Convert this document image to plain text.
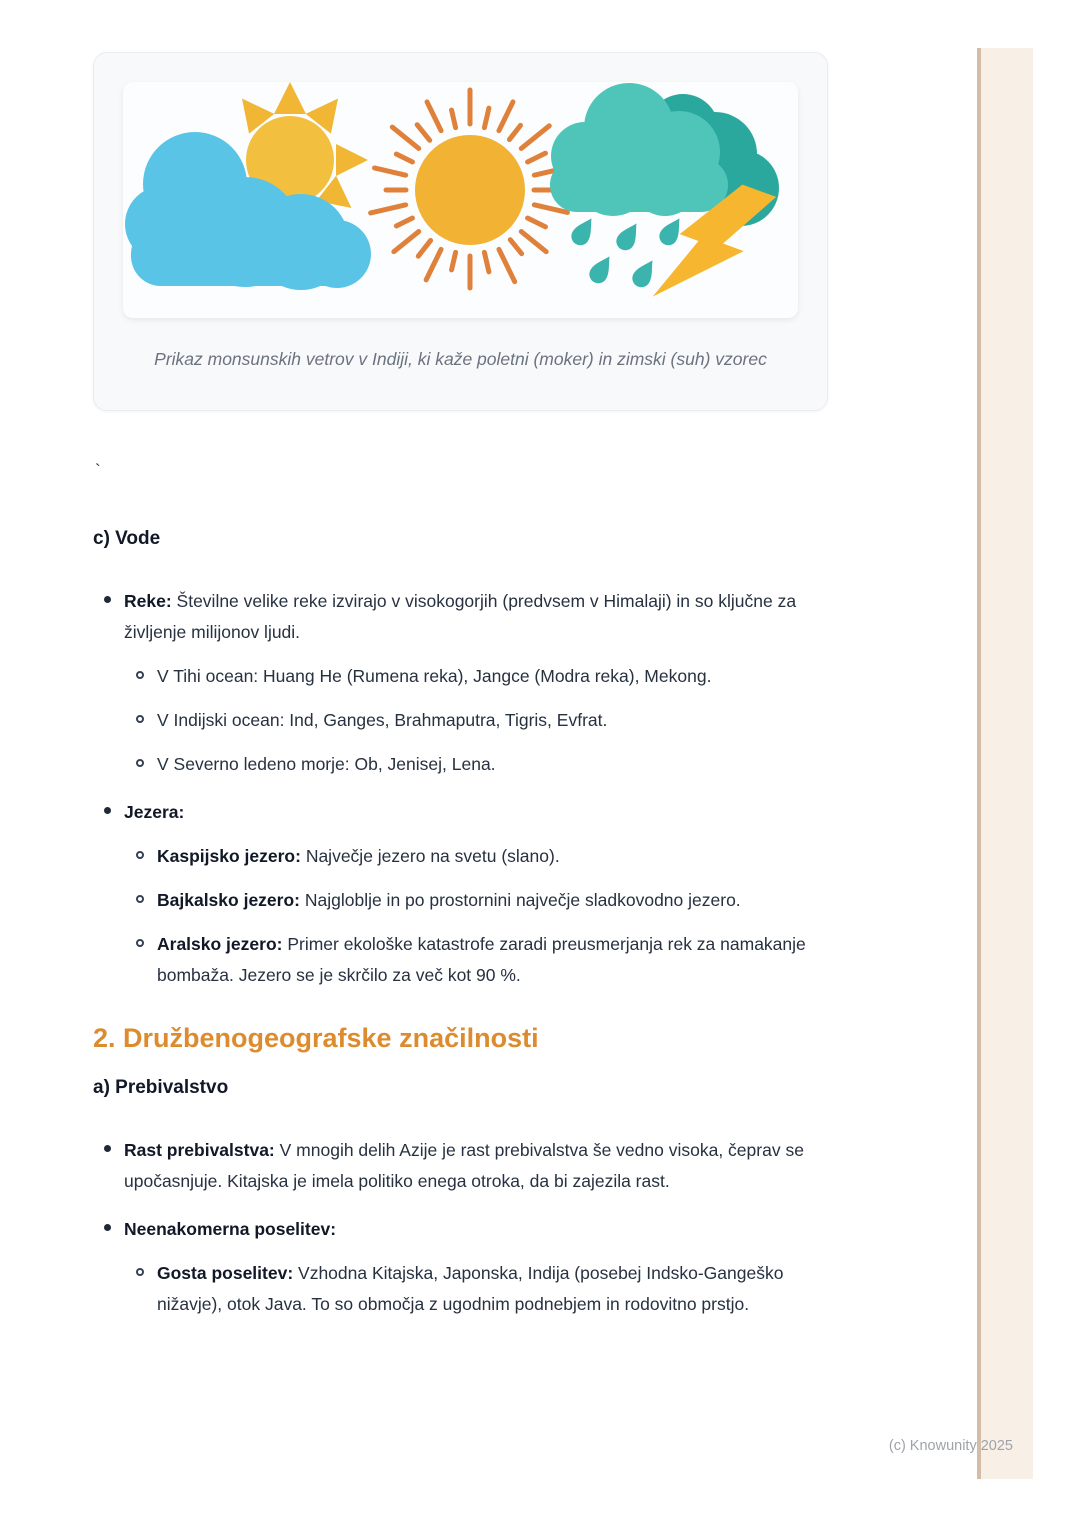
Prikaz monsunskih vetrov v Indiji, ki kaže poletni (moker) in zimski (suh) vzorec

`

c) Vode

Reke: Številne velike reke izvirajo v visokogorjih (predvsem v Himalaji) in so ključne za življenje milijonov ljudi.

V Tihi ocean: Huang He (Rumena reka), Jangce (Modra reka), Mekong.

V Indijski ocean: Ind, Ganges, Brahmaputra, Tigris, Evfrat.

V Severno ledeno morje: Ob, Jenisej, Lena.

Jezera:

Kaspijsko jezero: Največje jezero na svetu (slano).

Bajkalsko jezero: Najgloblje in po prostornini največje sladkovodno jezero.

Aralsko jezero: Primer ekološke katastrofe zaradi preusmerjanja rek za namakanje bombaža. Jezero se je skrčilo za več kot 90 %.

2. Družbenogeografske značilnosti
a) Prebivalstvo

Rast prebivalstva: V mnogih delih Azije je rast prebivalstva še vedno visoka, čeprav se upočasnjuje. Kitajska je imela politiko enega otroka, da bi zajezila rast.

Neenakomerna poselitev:

Gosta poselitev: Vzhodna Kitajska, Japonska, Indija (posebej Indsko-Gangeško nižavje), otok Java. To so območja z ugodnim podnebjem in rodovitno prstjo.

(c) Knowunity 2025
